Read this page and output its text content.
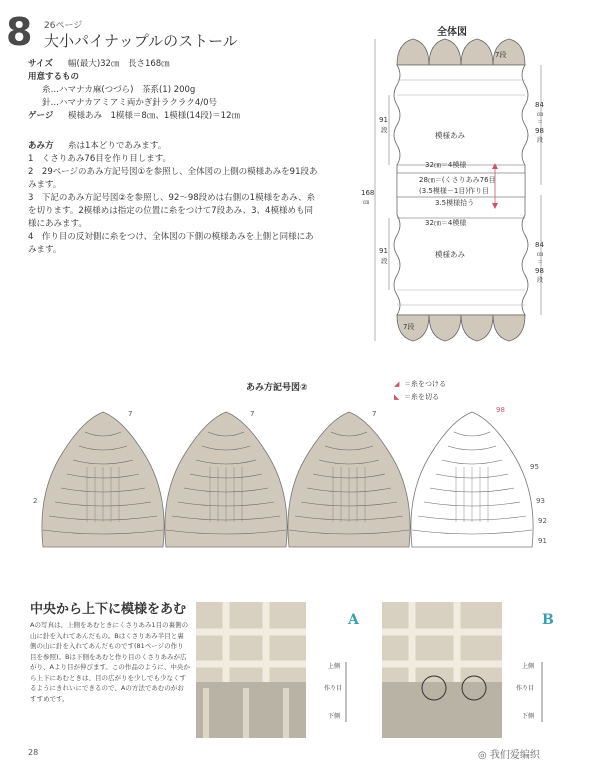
8 26ページ
大小パイナップルのストール
サイズ 幅(最大)32㎝　長さ168㎝
用意するもの
糸…ハマナカ麻(つづら)　茶系(1) 200g
針…ハマナカアミアミ両かぎ針ラクラク4/0号
ゲージ 模様あみ　1模様＝8㎝、1模様(14段)＝12㎝
あみ方 糸は1本どりであみます。
1　くさりあみ76目を作り目します。
2　29ページのあみ方記号図①を参照し、全体図の上側の模様あみを91段あみます。
3　下記のあみ方記号図②を参照し、92～98段めは右側の1模様をあみ、糸を切ります。2模様めは指定の位置に糸をつけて7段あみ、3、4模様めも同様にあみます。
4　作り目の反対側に糸をつけ、全体図の下側の模様あみを上側と同様にあみます。
全体図
7段
模様あみ
32㎝＝4模様
28㎝＝(くさりあみ76目
(3.5模様－1目)作り目
3.5模様拾う
32㎝＝4模様
模様あみ
7段
168
㎝
91
段
91
段
84
㎝
＝
98
段
84
㎝
＝
98
段
あみ方記号図②	◢ ＝糸をつける
◣ ＝糸を切る
7	7	7	98
95
93
92
91
2
中央から上下に模様をあむ
Aの写真は、上側をあむときにくさりあみ1目の裏側の山に針を入れてあんだもの。Bはくさりあみ半目と裏側の山に針を入れてあんだものです(81ページの作り目を参照)。Bは下側をあむと作り目のくさりあみが広がり、Aより目が伸びます。この作品のように、中央から上下にあむときは、目の広がりを少しでも少なくするようにきれいにできるので、Aの方法であむのがおすすめです。
A
上側
作り目
下側
B
上側
作り目
下側
28	◎ 我们爱编织
